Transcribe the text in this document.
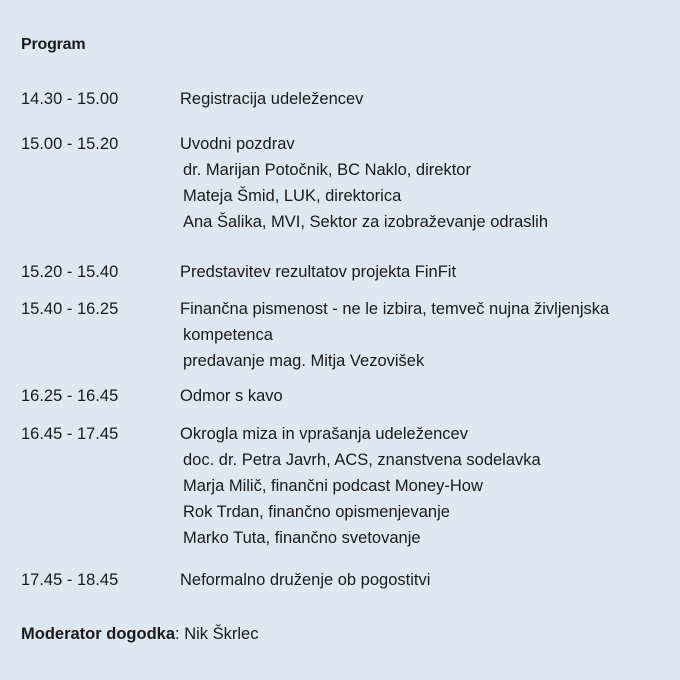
Program
14.30 - 15.00	Registracija udeležencev
15.00 - 15.20	Uvodni pozdrav
dr. Marijan Potočnik, BC Naklo, direktor
Mateja Šmid, LUK, direktorica
Ana Šalika, MVI, Sektor za izobraževanje odraslih
15.20 - 15.40	Predstavitev rezultatov projekta FinFit
15.40 - 16.25	Finančna pismenost - ne le izbira, temveč nujna življenjska
kompetenca
predavanje mag. Mitja Vezovišek
16.25 - 16.45	Odmor s kavo
16.45 - 17.45	Okrogla miza in vprašanja udeležencev
doc. dr. Petra Javrh, ACS, znanstvena sodelavka
Marja Milič, finančni podcast Money-How
Rok Trdan, finančno opismenjevanje
Marko Tuta, finančno svetovanje
17.45 - 18.45	Neformalno druženje ob pogostitvi
Moderator dogodka: Nik Škrlec
